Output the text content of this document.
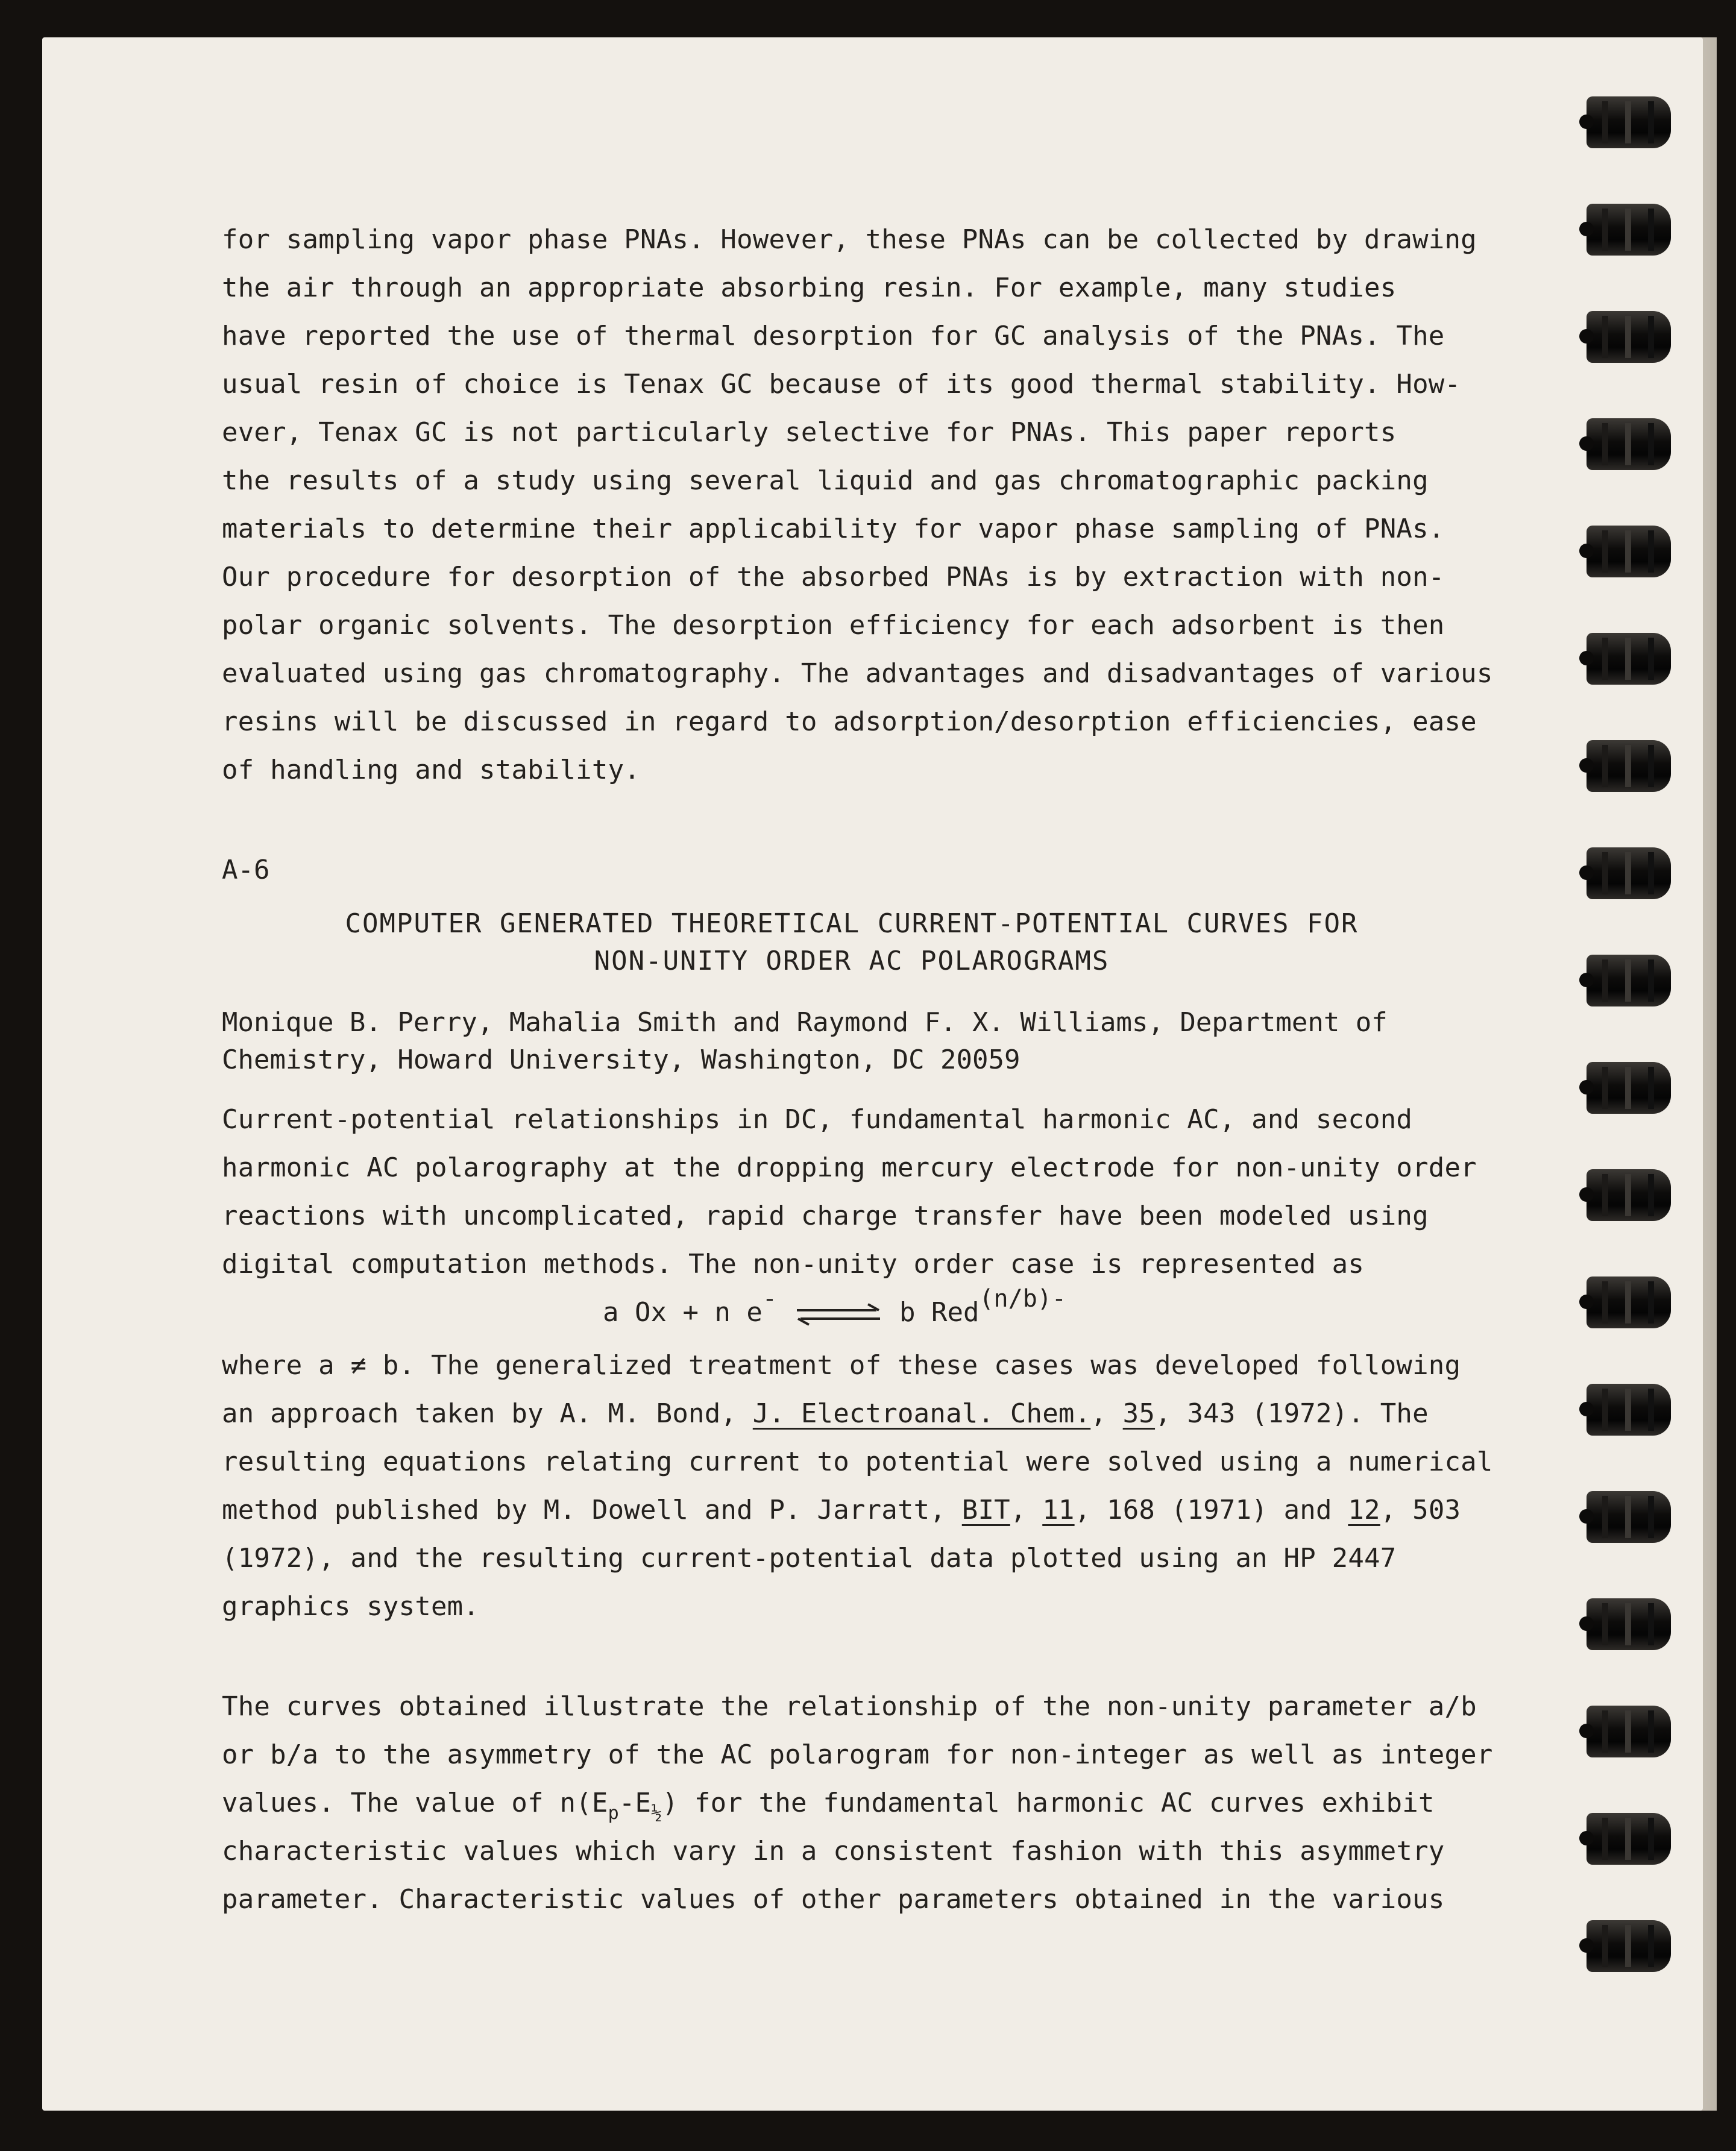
for sampling vapor phase PNAs. However, these PNAs can be collected by drawing
the air through an appropriate absorbing resin. For example, many studies
have reported the use of thermal desorption for GC analysis of the PNAs. The
usual resin of choice is Tenax GC because of its good thermal stability. How-
ever, Tenax GC is not particularly selective for PNAs. This paper reports
the results of a study using several liquid and gas chromatographic packing
materials to determine their applicability for vapor phase sampling of PNAs.
Our procedure for desorption of the absorbed PNAs is by extraction with non-
polar organic solvents. The desorption efficiency for each adsorbent is then
evaluated using gas chromatography. The advantages and disadvantages of various
resins will be discussed in regard to adsorption/desorption efficiencies, ease
of handling and stability.
A-6
COMPUTER GENERATED THEORETICAL CURRENT-POTENTIAL CURVES FOR
NON-UNITY ORDER AC POLAROGRAMS
Monique B. Perry, Mahalia Smith and Raymond F. X. Williams, Department of
Chemistry, Howard University, Washington, DC 20059
Current-potential relationships in DC, fundamental harmonic AC, and second
harmonic AC polarography at the dropping mercury electrode for non-unity order
reactions with uncomplicated, rapid charge transfer have been modeled using
digital computation methods. The non-unity order case is represented as
a Ox + n e- ⇌ b Red(n/b)-
where a ≠ b. The generalized treatment of these cases was developed following
an approach taken by A. M. Bond, J. Electroanal. Chem., 35, 343 (1972). The
resulting equations relating current to potential were solved using a numerical
method published by M. Dowell and P. Jarratt, BIT, 11, 168 (1971) and 12, 503
(1972), and the resulting current-potential data plotted using an HP 2447
graphics system.
The curves obtained illustrate the relationship of the non-unity parameter a/b
or b/a to the asymmetry of the AC polarogram for non-integer as well as integer
values. The value of $n(E_p-E_{\frac{1}{2}})$ for the fundamental harmonic AC curves exhibit
characteristic values which vary in a consistent fashion with this asymmetry
parameter. Characteristic values of other parameters obtained in the various
